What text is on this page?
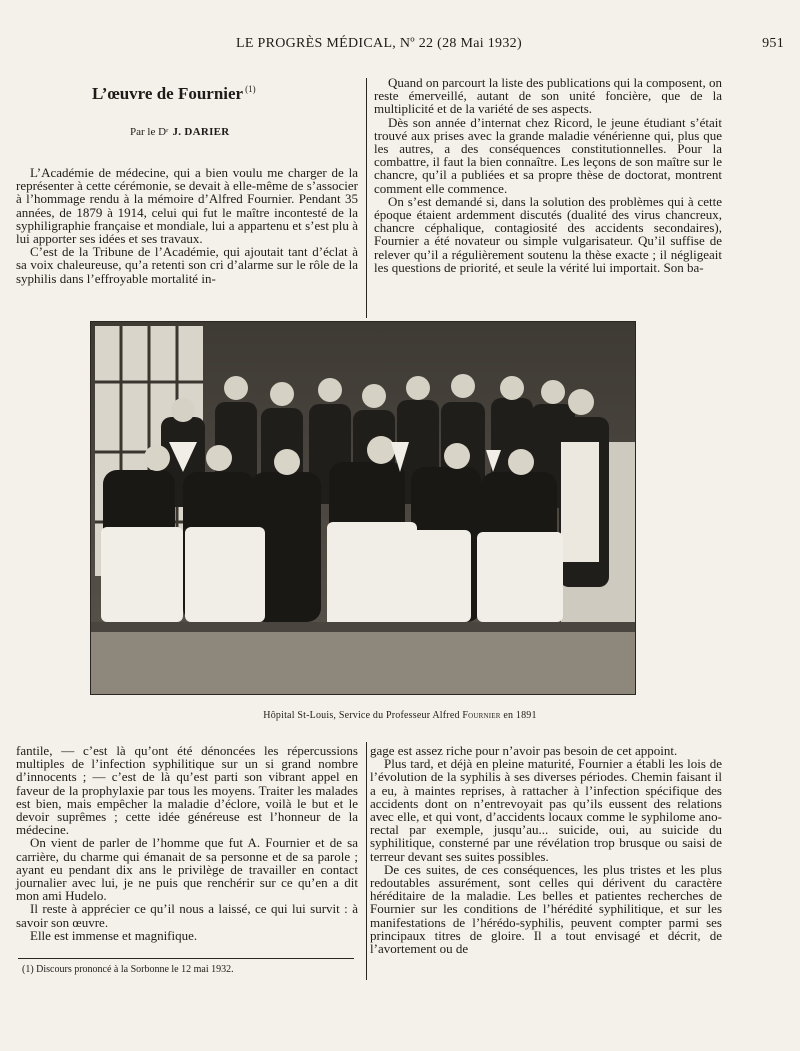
LE PROGRÈS MÉDICAL, Nº 22 (28 Mai 1932)	951
L’œuvre de Fournier $^{(1)}$
Par le Dʳ J. DARIER

L’Académie de médecine, qui a bien voulu me charger de la représenter à cette cérémonie, se devait à elle-même de s’associer à l’hommage rendu à la mémoire d’Alfred Fournier. Pendant 35 années, de 1879 à 1914, celui qui fut le maître incontesté de la syphiligraphie française et mondiale, lui a appartenu et s’est plu à lui apporter ses idées et ses travaux.

C’est de la Tribune de l’Académie, qui ajoutait tant d’éclat à sa voix chaleureuse, qu’a retenti son cri d’alarme sur le rôle de la syphilis dans l’effroyable mortalité in-

Quand on parcourt la liste des publications qui la composent, on reste émerveillé, autant de son unité foncière, que de la multiplicité et de la variété de ses aspects.

Dès son année d’internat chez Ricord, le jeune étudiant s’était trouvé aux prises avec la grande maladie vénérienne qui, plus que les autres, a des conséquences constitutionnelles. Pour la combattre, il faut la bien connaître. Les leçons de son maître sur le chancre, qu’il a publiées et sa propre thèse de doctorat, montrent comment elle commence.

On s’est demandé si, dans la solution des problèmes qui à cette époque étaient ardemment discutés (dualité des virus chancreux, chancre céphalique, contagiosité des accidents secondaires), Fournier a été novateur ou simple vulgarisateur. Qu’il suffise de relever qu’il a régulièrement soutenu la thèse exacte ; il négligeait les questions de priorité, et seule la vérité lui importait. Son ba-

Hôpital St-Louis, Service du Professeur Alfred Fournier en 1891

fantile, — c’est là qu’ont été dénoncées les répercussions multiples de l’infection syphilitique sur un si grand nombre d’innocents ; — c’est de là qu’est parti son vibrant appel en faveur de la prophylaxie par tous les moyens. Traiter les malades est bien, mais empêcher la maladie d’éclore, voilà le but et le devoir suprêmes ; cette idée généreuse est l’honneur de la médecine.

On vient de parler de l’homme que fut A. Fournier et de sa carrière, du charme qui émanait de sa personne et de sa parole ; ayant eu pendant dix ans le privilège de travailler en contact journalier avec lui, je ne puis que renchérir sur ce qu’en a dit mon ami Hudelo.

Il reste à apprécier ce qu’il nous a laissé, ce qui lui survit : à savoir son œuvre.

Elle est immense et magnifique.

gage est assez riche pour n’avoir pas besoin de cet appoint.

Plus tard, et déjà en pleine maturité, Fournier a établi les lois de l’évolution de la syphilis à ses diverses périodes. Chemin faisant il a eu, à maintes reprises, à rattacher à l’infection spécifique des accidents dont on n’entrevoyait pas qu’ils eussent des relations avec elle, et qui vont, d’accidents locaux comme le syphilome ano-rectal par exemple, jusqu’au... suicide, oui, au suicide du syphilitique, consterné par une révélation trop brusque ou saisi de terreur devant ses suites possibles.

De ces suites, de ces conséquences, les plus tristes et les plus redoutables assurément, sont celles qui dérivent du caractère héréditaire de la maladie. Les belles et patientes recherches de Fournier sur les conditions de l’hérédité syphilitique, et sur les manifestations de l’hérédo-syphilis, peuvent compter parmi ses principaux titres de gloire. Il a tout envisagé et décrit, de l’avortement ou de

(1) Discours prononcé à la Sorbonne le 12 mai 1932.
